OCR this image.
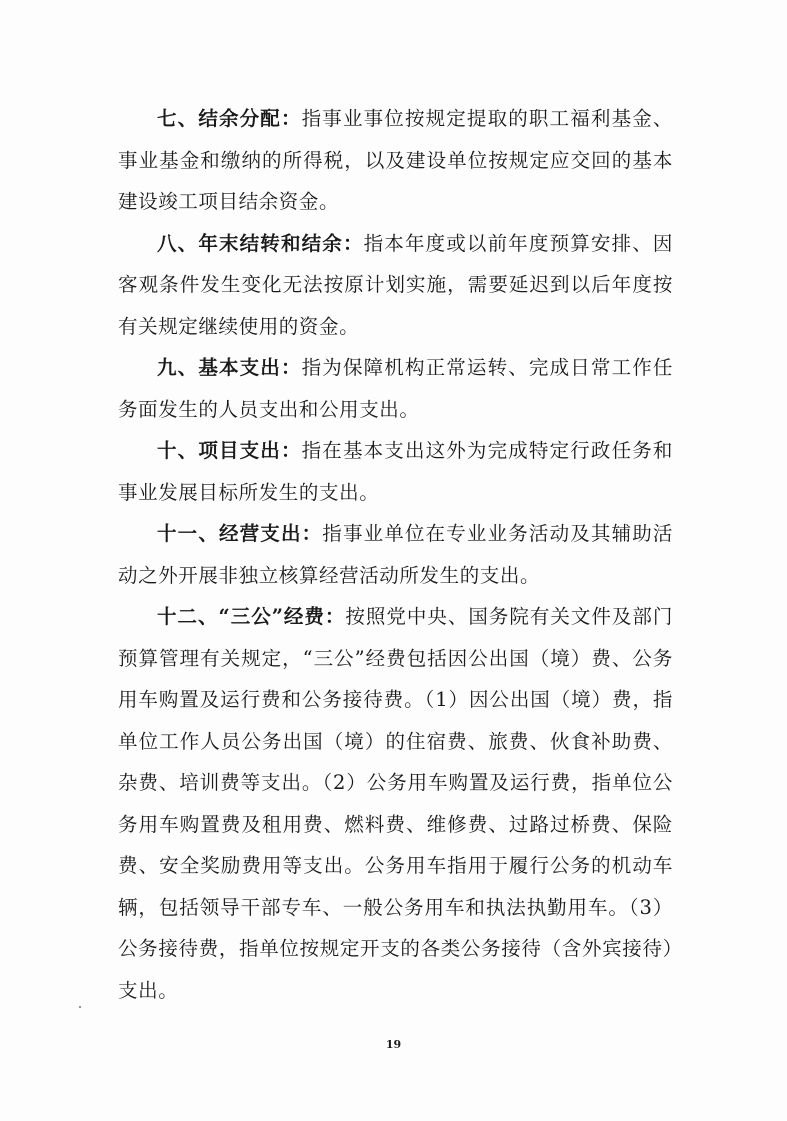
七、结余分配：指事业事位按规定提取的职工福利基金、事业基金和缴纳的所得税，以及建设单位按规定应交回的基本建设竣工项目结余资金。

八、年末结转和结余：指本年度或以前年度预算安排、因客观条件发生变化无法按原计划实施，需要延迟到以后年度按有关规定继续使用的资金。

九、基本支出：指为保障机构正常运转、完成日常工作任务面发生的人员支出和公用支出。

十、项目支出：指在基本支出这外为完成特定行政任务和事业发展目标所发生的支出。

十一、经营支出：指事业单位在专业业务活动及其辅助活动之外开展非独立核算经营活动所发生的支出。

十二、“三公”经费：按照党中央、国务院有关文件及部门预算管理有关规定，“三公”经费包括因公出国（境）费、公务用车购置及运行费和公务接待费。（1）因公出国（境）费，指单位工作人员公务出国（境）的住宿费、旅费、伙食补助费、杂费、培训费等支出。（2）公务用车购置及运行费，指单位公务用车购置费及租用费、燃料费、维修费、过路过桥费、保险费、安全奖励费用等支出。公务用车指用于履行公务的机动车辆，包括领导干部专车、一般公务用车和执法执勤用车。（3）公务接待费，指单位按规定开支的各类公务接待（含外宾接待）支出。

19
